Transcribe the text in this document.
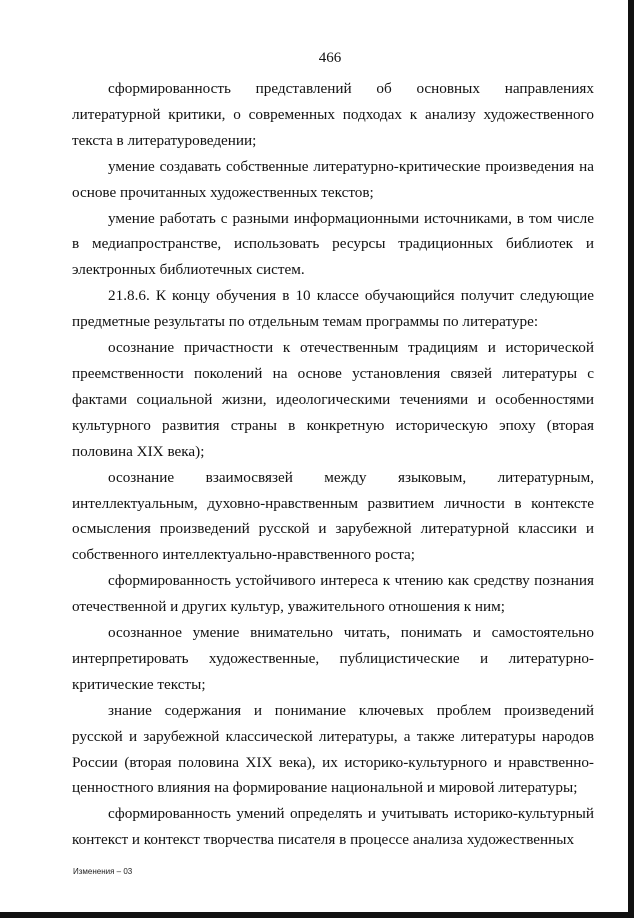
466

сформированность представлений об основных направлениях литературной критики, о современных подходах к анализу художественного текста в литературоведении;

умение создавать собственные литературно-критические произведения на основе прочитанных художественных текстов;

умение работать с разными информационными источниками, в том числе в медиапространстве, использовать ресурсы традиционных библиотек и электронных библиотечных систем.

21.8.6. К концу обучения в 10 классе обучающийся получит следующие предметные результаты по отдельным темам программы по литературе:

осознание причастности к отечественным традициям и исторической преемственности поколений на основе установления связей литературы с фактами социальной жизни, идеологическими течениями и особенностями культурного развития страны в конкретную историческую эпоху (вторая половина XIX века);

осознание взаимосвязей между языковым, литературным, интеллектуальным, духовно-нравственным развитием личности в контексте осмысления произведений русской и зарубежной литературной классики и собственного интеллектуально-нравственного роста;

сформированность устойчивого интереса к чтению как средству познания отечественной и других культур, уважительного отношения к ним;

осознанное умение внимательно читать, понимать и самостоятельно интерпретировать художественные, публицистические и литературно-критические тексты;

знание содержания и понимание ключевых проблем произведений русской и зарубежной классической литературы, а также литературы народов России (вторая половина XIX века), их историко-культурного и нравственно-ценностного влияния на формирование национальной и мировой литературы;

сформированность умений определять и учитывать историко-культурный контекст и контекст творчества писателя в процессе анализа художественных

Изменения – 03
